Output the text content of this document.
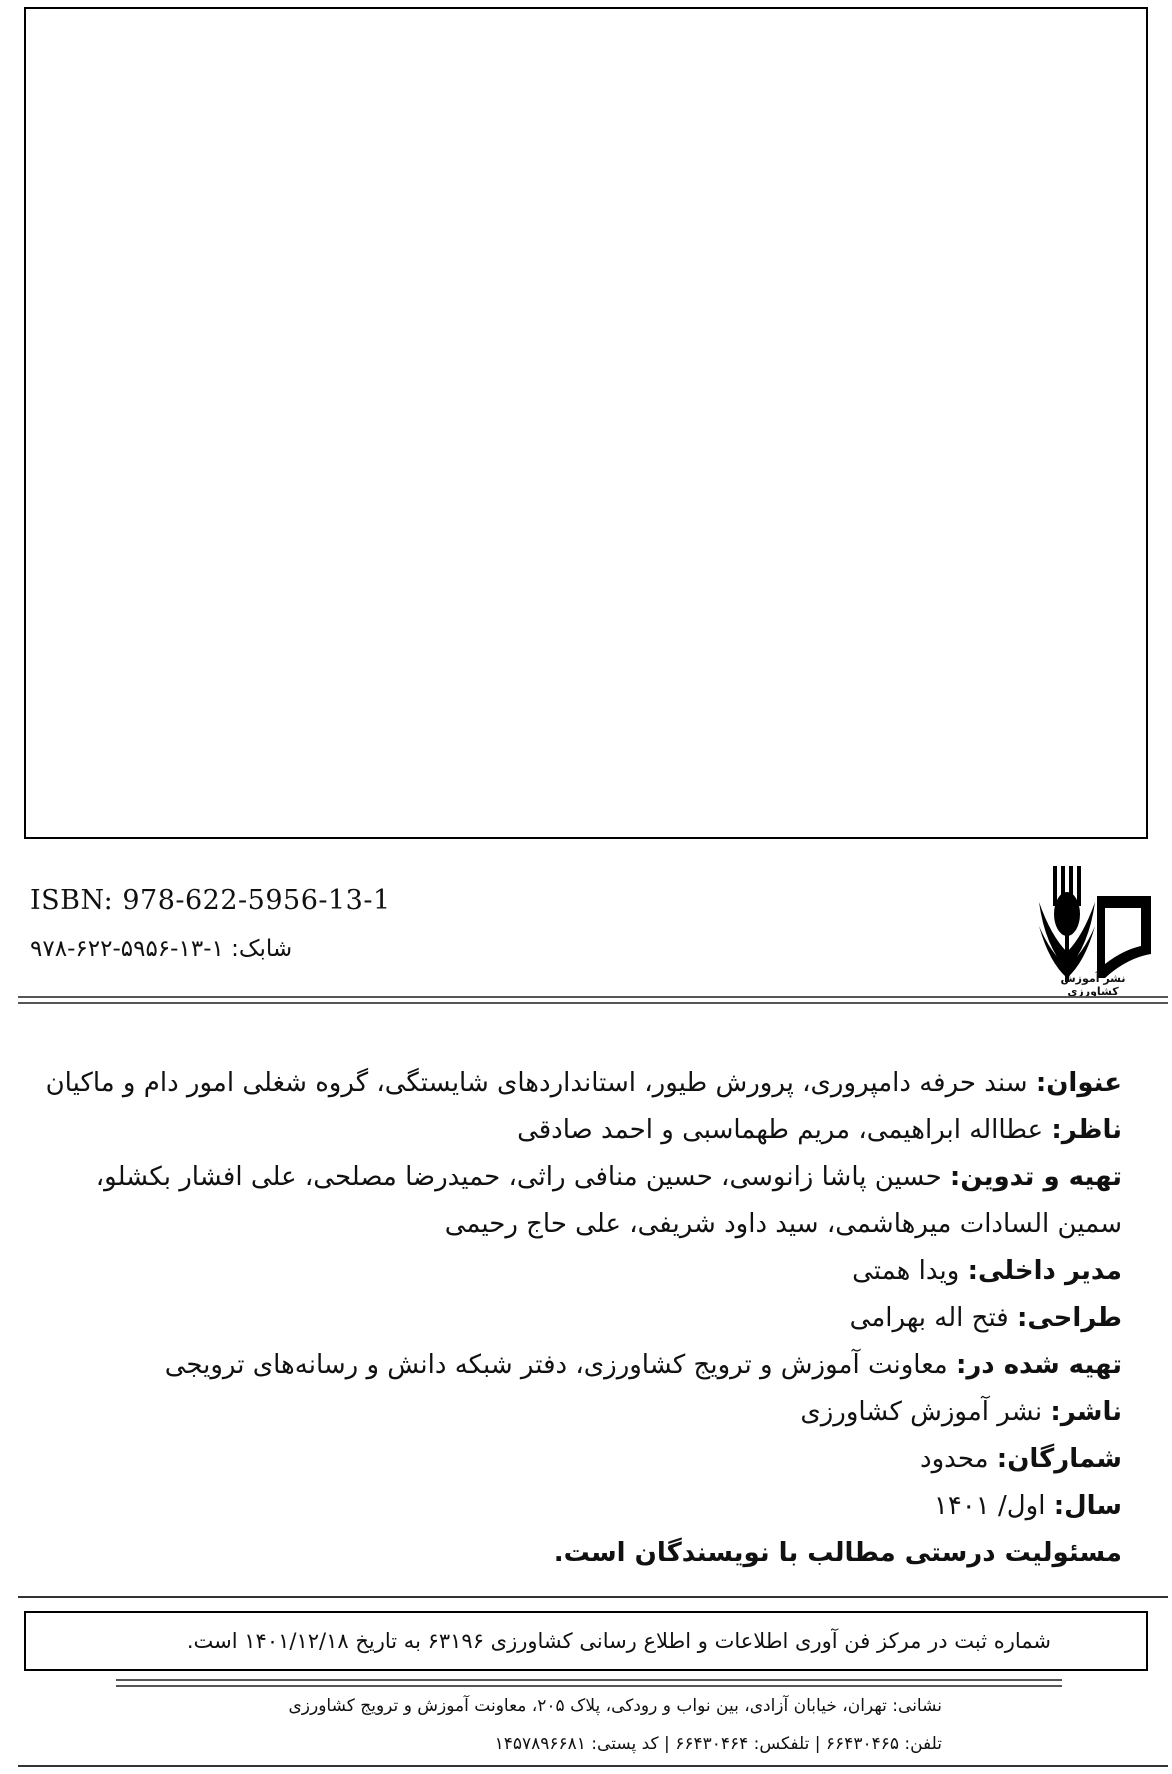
ISBN: 978-622-5956-13-1
شابک: ۱-۱۳-۵۹۵۶-۶۲۲-۹۷۸
نشر آموزش کشاورزی
عنوان: سند حرفه دامپروری، پرورش طیور، استانداردهای شایستگی، گروه شغلی امور دام و ماکیان
ناظر: عطااله ابراهیمی، مریم طهماسبی و احمد صادقی
تهیه و تدوین: حسین پاشا زانوسی، حسین منافی راثی، حمیدرضا مصلحی، علی افشار بکشلو،
سمین السادات میرهاشمی، سید داود شریفی، علی حاج رحیمی
مدیر داخلی: ویدا همتی
طراحی: فتح اله بهرامی
تهیه شده در: معاونت آموزش و ترویج کشاورزی، دفتر شبکه دانش و رسانه‌های ترویجی
ناشر: نشر آموزش کشاورزی
شمارگان: محدود
سال: اول/ ۱۴۰۱
مسئولیت درستی مطالب با نویسندگان است.
شماره ثبت در مرکز فن آوری اطلاعات و اطلاع رسانی کشاورزی ۶۳۱۹۶ به تاریخ ۱۴۰۱/۱۲/۱۸ است.
نشانی: تهران، خیابان آزادی، بین نواب و رودکی، پلاک ۲۰۵، معاونت آموزش و ترویج کشاورزی
تلفن: ۶۶۴۳۰۴۶۵ | تلفکس: ۶۶۴۳۰۴۶۴ | کد پستی: ۱۴۵۷۸۹۶۶۸۱
